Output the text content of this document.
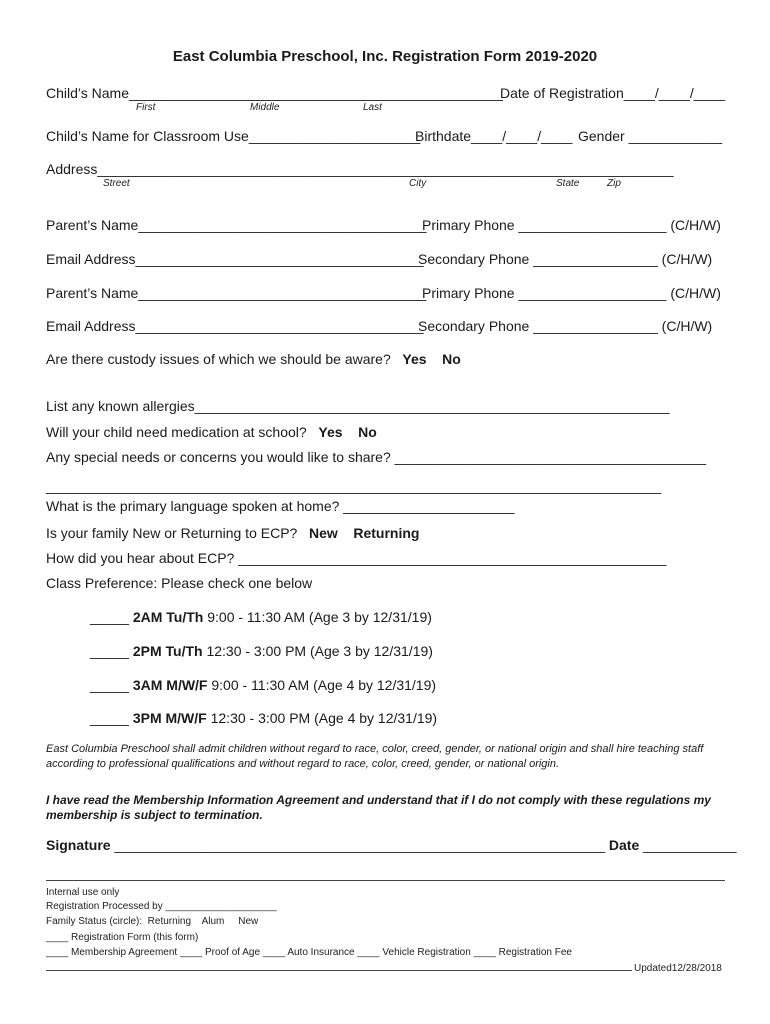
East Columbia Preschool, Inc. Registration Form 2019-2020
Child’s Name________________________________________________
Date of Registration____/____/____
First	Middle	Last
Child’s Name for Classroom Use______________________
Birthdate____/____/____ Gender ____________
Address__________________________________________________________________________
Street	City	State	Zip
Parent’s Name_____________________________________
Primary Phone ___________________ (C/H/W)
Email Address_____________________________________
Secondary Phone ________________ (C/H/W)
Parent’s Name_____________________________________
Primary Phone ___________________ (C/H/W)
Email Address_____________________________________
Secondary Phone ________________ (C/H/W)
Are there custody issues of which we should be aware? Yes No
List any known allergies_____________________________________________________________
Will your child need medication at school? Yes No
Any special needs or concerns you would like to share? ________________________________________
_______________________________________________________________________________
What is the primary language spoken at home? ______________________
Is your family New or Returning to ECP? New Returning
How did you hear about ECP? _______________________________________________________
Class Preference: Please check one below
_____ 2AM Tu/Th 9:00 - 11:30 AM (Age 3 by 12/31/19)
_____ 2PM Tu/Th 12:30 - 3:00 PM (Age 3 by 12/31/19)
_____ 3AM M/W/F 9:00 - 11:30 AM (Age 4 by 12/31/19)
_____ 3PM M/W/F 12:30 - 3:00 PM (Age 4 by 12/31/19)
East Columbia Preschool shall admit children without regard to race, color, creed, gender, or national origin and shall hire teaching staff according to professional qualifications and without regard to race, color, creed, gender, or national origin.
I have read the Membership Information Agreement and understand that if I do not comply with these regulations my membership is subject to termination.
Signature _______________________________________________________________ Date ____________
Internal use only
Registration Processed by ____________________
Family Status (circle):  Returning    Alum     New
____ Registration Form (this form)
____ Membership Agreement ____ Proof of Age ____ Auto Insurance ____ Vehicle Registration ____ Registration Fee
Updated12/28/2018
